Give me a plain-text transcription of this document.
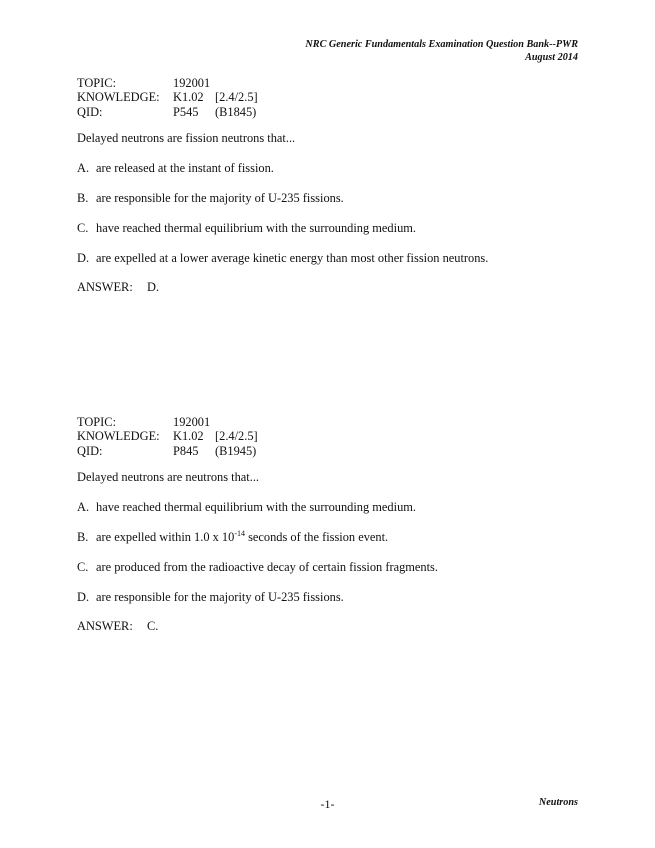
NRC Generic Fundamentals Examination Question Bank--PWR
August 2014
TOPIC:	192001
KNOWLEDGE:	K1.02 [2.4/2.5]
QID:	P545	(B1845)
Delayed neutrons are fission neutrons that...
A. are released at the instant of fission.
B. are responsible for the majority of U-235 fissions.
C. have reached thermal equilibrium with the surrounding medium.
D. are expelled at a lower average kinetic energy than most other fission neutrons.
ANSWER:	D.
TOPIC:	192001
KNOWLEDGE:	K1.02 [2.4/2.5]
QID:	P845	(B1945)
Delayed neutrons are neutrons that...
A. have reached thermal equilibrium with the surrounding medium.
B. are expelled within 1.0 x $10^{-14}$ seconds of the fission event.
C. are produced from the radioactive decay of certain fission fragments.
D. are responsible for the majority of U-235 fissions.
ANSWER:	C.
-1-	Neutrons
